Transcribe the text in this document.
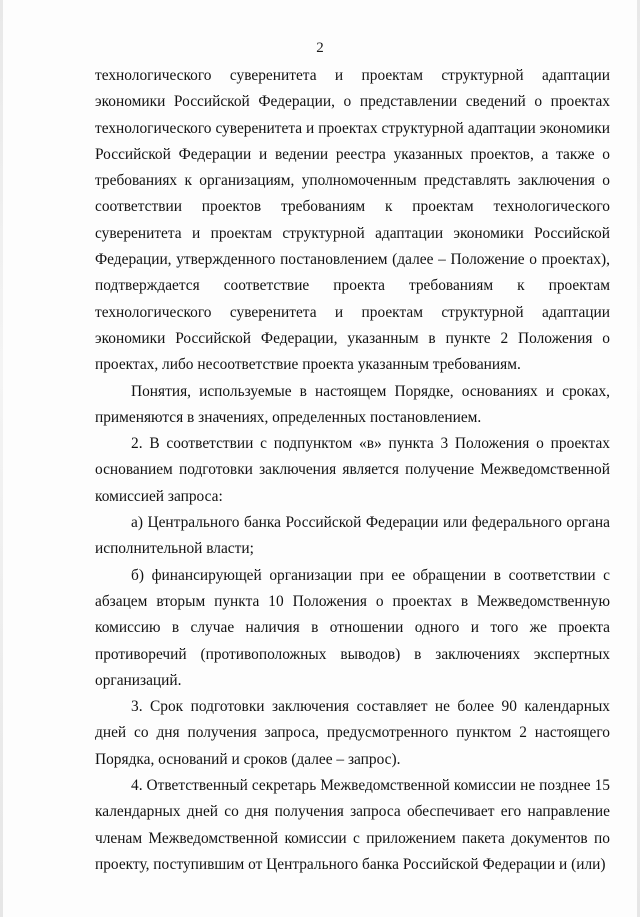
2

технологического суверенитета и проектам структурной адаптации экономики Российской Федерации, о представлении сведений о проектах технологического суверенитета и проектах структурной адаптации экономики Российской Федерации и ведении реестра указанных проектов, а также о требованиях к организациям, уполномоченным представлять заключения о соответствии проектов требованиям к проектам технологического суверенитета и проектам структурной адаптации экономики Российской Федерации, утвержденного постановлением (далее – Положение о проектах), подтверждается соответствие проекта требованиям к проектам технологического суверенитета и проектам структурной адаптации экономики Российской Федерации, указанным в пункте 2 Положения о проектах, либо несоответствие проекта указанным требованиям.

Понятия, используемые в настоящем Порядке, основаниях и сроках, применяются в значениях, определенных постановлением.

2. В соответствии с подпунктом «в» пункта 3 Положения о проектах основанием подготовки заключения является получение Межведомственной комиссией запроса:

а) Центрального банка Российской Федерации или федерального органа исполнительной власти;

б) финансирующей организации при ее обращении в соответствии с абзацем вторым пункта 10 Положения о проектах в Межведомственную комиссию в случае наличия в отношении одного и того же проекта противоречий (противоположных выводов) в заключениях экспертных организаций.

3. Срок подготовки заключения составляет не более 90 календарных дней со дня получения запроса, предусмотренного пунктом 2 настоящего Порядка, оснований и сроков (далее – запрос).

4. Ответственный секретарь Межведомственной комиссии не позднее 15 календарных дней со дня получения запроса обеспечивает его направление членам Межведомственной комиссии с приложением пакета документов по проекту, поступившим от Центрального банка Российской Федерации и (или)
